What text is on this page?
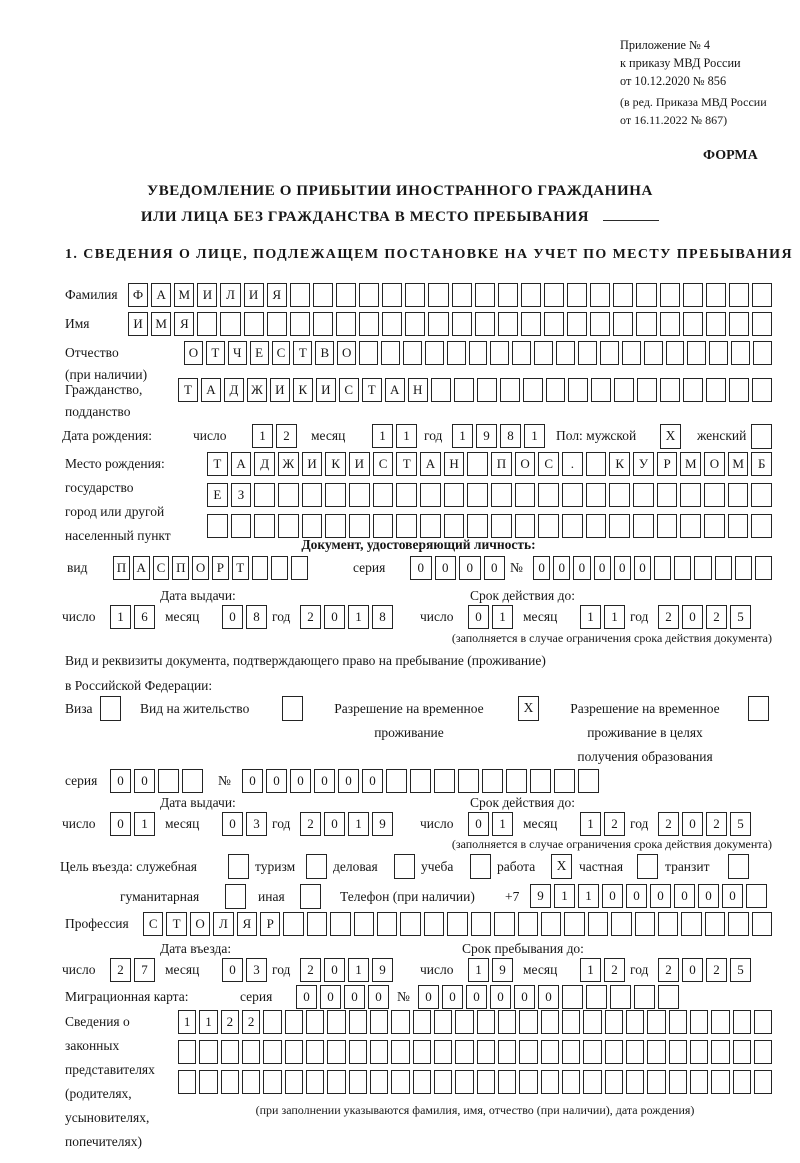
Приложение № 4
к приказу МВД России
от 10.12.2020 № 856
(в ред. Приказа МВД России
от 16.11.2022 № 867)
ФОРМА
УВЕДОМЛЕНИЕ О ПРИБЫТИИ ИНОСТРАННОГО ГРАЖДАНИНА
ИЛИ ЛИЦА БЕЗ ГРАЖДАНСТВА В МЕСТО ПРЕБЫВАНИЯ
1. СВЕДЕНИЯ О ЛИЦЕ, ПОДЛЕЖАЩЕМ ПОСТАНОВКЕ НА УЧЕТ ПО МЕСТУ ПРЕБЫВАНИЯ
Фамилия	Ф	А М И	Л	И	Я
Имя	И М	Я
Отчество
(при наличии)
О	Т	Ч	Е	С	Т	В О
Гражданство,
подданство
Т	А	Д Ж И	К	И	С	Т	А	Н
Дата рождения:	число	1	2	месяц	1	1	год	1	9	8	1	Пол: мужской	X	женский
Место рождения:
государство
город или другой
населенный пункт
Т	А	Д	Ж	И	К	И	С	Т	А	Н	П	О	С	.	К	У	Р	М	О	М	Б
Е	З
Документ, удостоверяющий личность:
вид П А С П О Р Т	серия	0	0	0	0 №	0	0	0	0	0	0
Дата выдачи:	Срок действия до:
число	1	6	месяц	0	8 год	2	0	1	8	число	0	1	месяц	1	1 год	2	0	2	5
(заполняется в случае ограничения срока действия документа)
Вид и реквизиты документа, подтверждающего право на пребывание (проживание)
в Российской Федерации:
Виза	Вид на жительство	Разрешение на временное
проживание
X	Разрешение на временное
проживание в целях
получения образования
серия	0	0	№	0	0	0	0	0	0
Дата выдачи:	Срок действия до:
число	0	1	месяц	0	3 год	2	0	1	9	число	0	1	месяц	1	2 год	2	0	2	5
(заполняется в случае ограничения срока действия документа)
Цель въезда: служебная	туризм	деловая	учеба	работа	X частная	транзит
гуманитарная	иная	Телефон (при наличии) +7	9	1	1	0	0	0	0	0	0
Профессия	С	Т	О	Л	Я	Р
Дата въезда:	Срок пребывания до:
число	2	7	месяц	0	3 год	2	0	1	9	число	1	9	месяц	1	2 год	2	0	2	5
Миграционная карта:	серия	0	0	0	0	№	0	0	0	0	0	0
Сведения о
законных
представителях
(родителях,
усыновителях,
попечителях)
1	1	2	2
(при заполнении указываются фамилия, имя, отчество (при наличии), дата рождения)
